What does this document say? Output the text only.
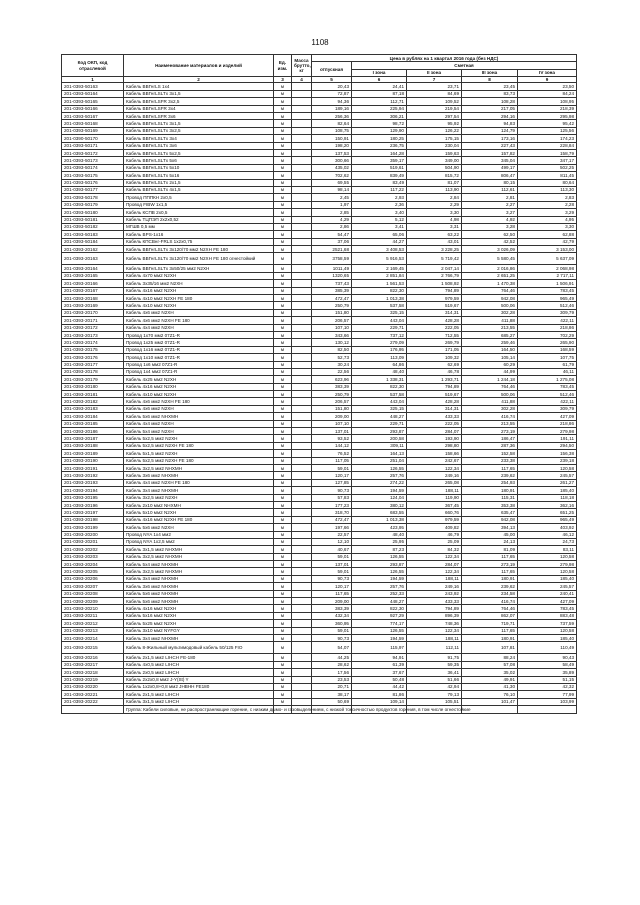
1108
Код ОКП, код отраслевой	Наименование материалов и изделий	Ед. изм.	Масса брутто, кг	Цена в рублях на 1 квартал 2016 года (без НДС)				
				отпускная	Сметная			
					I зона	II зона	III зона	IV зона
1	2	3	4	5	6	7	8	9
201-0393-50163	Кабель ВВГнгLS 1х4	м		20,43	24,41	23,71	23,45	23,50
201-0393-50164	Кабель ВВГнгLSLTx 3х1,5	м		72,87	87,18	84,69	83,73	84,24
201-0393-50165	Кабель ВВГнгLSFR 3х2,5	м		94,36	112,71	109,52	108,28	108,95
201-0393-50166	Кабель ВВГнгLSFR 3х4	м		189,16	225,94	219,54	217,05	218,39
201-0393-50167	Кабель ВВГнгLSFR 3х6	м		256,36	306,21	297,54	294,16	295,98
201-0393-50168	Кабель ВВГнгLSLTx 3х1,5	м		82,64	98,72	95,92	94,83	95,42
201-0393-50169	Кабель ВВГнгLSLTx 3х2,5	м		108,75	129,90	126,22	124,79	125,56
201-0390-50170	Кабель ВВГнгLSLTx 3х4	м		150,91	180,25	175,15	173,16	174,23
201-0393-50171	Кабель ВВГнгLSLTx 3х6	м		198,20	236,75	230,04	227,43	228,84
201-0393-50172	Кабель ВВГнгLSLTx 5х2,5	м		137,53	164,28	159,63	157,82	158,79
201-0393-50173	Кабель ВВГнгLSLTx 5х6	м		300,66	359,17	349,00	345,04	347,17
201-0393-50174	Кабель ВВГнгLSLTx 5х10	м		435,02	519,61	504,90	499,17	502,25
201-0393-50175	Кабель ВВГнгLSLTx 5х16	м		702,62	839,49	815,72	806,47	811,45
201-0393-50176	Кабель ВВГнгLSLTx 2х1,5	м		69,55	83,49	81,07	80,15	80,64
201-0393-50177	Кабель ВВГнгLSLTx 4х1,5	м		98,14	117,22	113,90	112,61	113,30
201-0393-50178	Провод ПППКН 2х0,5	м		2,45	2,93	2,84	2,81	2,83
201-0393-50179	Провод FIBW 1х1,5	м		1,97	2,36	2,29	2,27	2,28
201-0393-50180	Кабель КСПВ 2х0,5	м		2,85	3,40	3,30	3,27	3,29
201-0393-50181	Кабель ТЦПЭП 2х2х0,52	м		4,29	5,12	4,98	4,92	4,95
201-0393-50182	МГШВ 0,5 мм	м		2,86	3,41	3,31	3,28	3,30
201-0393-50183	Кабель BPS-1х16	м		54,47	65,06	63,22	62,50	62,88
201-0393-50184	Кабель КПСВнг-FRLS 1х2х0,75	м		37,06	44,27	43,01	42,52	42,79
201-0393-20162	Кабель ВВГнгLSLTx 3х120/70 мм2 N2XH FE 180	м		2521,68	3 408,53	3 228,25	3 026,09	3 153,00
201-0393-20163	Кабель ВВГнгLSLTx 3х120/70 мм2 N2XH FE 180 огнестойкий	м		3758,59	5 916,53	5 719,42	5 580,45	5 637,09
201-0393-20164	Кабель ВВГнгLSLTx 3х50/25 мм2 N2XH	м		1011,49	2 169,45	2 047,14	2 016,86	2 068,98
201-0393-20165	Кабель 4х70 мм2 N2XH	м		1320,65	2 851,84	2 766,79	2 651,25	2 717,11
201-0393-20166	Кабель 3х35/16 мм2 N2XH	м		737,43	1 561,53	1 508,92	1 470,38	1 506,91
201-0393-20167	Кабель 4х16 мм2 N2XH	м		385,39	822,30	794,89	764,46	783,45
201-0393-20168	Кабель 4х10 мм2 N2XH FE 180	м		472,47	1 013,38	979,59	942,08	965,49
201-0393-20169	Кабель 4х10 мм2 N2XH	м		250,79	537,58	519,67	500,06	512,46
201-0393-20170	Кабель 4х6 мм2 N2XH	м		151,80	325,15	314,31	302,28	309,79
201-0393-20171	Кабель 4х6 мм2 N2XH FE 180	м		206,57	443,04	428,28	411,88	422,11
201-0393-20172	Кабель 4х4 мм2 N2XH	м		107,10	229,71	222,05	213,55	218,86
201-0393-20173	Провод 1х70 мм2 07Z1-R	м		343,66	737,12	712,55	685,27	702,29
201-0393-20174	Провод 1х25 мм2 07Z1-R	м		130,12	279,09	269,79	259,46	265,90
201-0393-20175	Провод 1х16 мм2 07Z1-R	м		82,50	176,95	171,05	164,50	168,59
201-0393-20176	Провод 1х10 мм2 07Z1-R	м		52,73	113,09	109,32	105,14	107,75
201-0393-20177	Провод 1х6 мм2 07Z1-R	м		30,24	64,86	62,69	60,29	61,79
201-0393-20178	Провод 1х4 мм2 07Z1-R	м		22,56	48,40	46,78	44,99	46,11
201-0393-20179	Кабель 4х25 мм2 N2XH	м		623,96	1 338,31	1 293,71	1 244,18	1 275,08
201-0393-20180	Кабель 4х16 мм2 N2XH	м		383,39	822,30	794,89	764,46	783,45
201-0393-20181	Кабель 4х10 мм2 N2XH	м		250,79	537,58	519,67	500,06	512,46
201-0393-20182	Кабель 4х6 мм2 N2XH FE 180	м		206,57	443,04	428,28	411,88	422,11
201-0393-20183	Кабель 4х6 мм2 N2XH	м		151,80	325,15	314,31	302,28	309,79
201-0393-20184	Кабель 5х6 мм2 NHXMH	м		209,00	448,27	433,33	416,74	427,09
201-0393-20185	Кабель 4х4 мм2 N2XH	м		107,10	229,71	222,05	213,55	218,86
201-0393-20186	Кабель 5х4 мм2 N2XH	м		137,01	293,87	284,07	273,19	279,98
201-0393-20187	Кабель 5х2,5 мм2 N2XH	м		93,52	200,58	193,90	186,47	191,11
201-0393-20188	Кабель 5х2,5 мм2 N2XH FE 180	м		144,12	309,11	298,80	287,36	294,50
201-0393-20189	Кабель 5х1,5 мм2 N2XH	м		76,52	164,13	158,66	152,58	156,38
201-0393-20190	Кабель 5х2,5 мм2 N2XH FE 180	м		117,05	251,04	242,67	233,38	239,18
201-0393-20191	Кабель 3х2,5 мм2 NHXMH	м		59,01	126,55	122,34	117,65	120,58
201-0393-20192	Кабель 3х6 мм2 NHXMH	м		120,17	257,76	249,16	239,62	245,57
201-0393-20193	Кабель 4х4 мм2 N2XH FE 180	м		127,85	274,22	265,08	254,93	261,27
201-0393-20194	Кабель 3х4 мм2 NHXMH	м		90,73	194,59	188,11	180,91	185,40
201-0393-20195	Кабель 3х2,5 мм2 N2XH	м		57,83	124,04	119,90	115,31	118,18
201-0393-20196	Кабель 2х10 мм2 NHXMH	м		177,23	380,12	367,45	353,38	362,16
201-0393-20197	Кабель 5х10 мм2 N2XH	м		318,70	683,55	660,76	635,47	651,25
201-0393-20198	Кабель 4х16 мм2 N2XH FE 180	м		472,47	1 013,38	979,59	942,08	965,49
201-0393-20199	Кабель 5х6 мм2 N2XH	м		197,66	423,95	409,82	394,13	403,92
201-0393-20200	Провод NYA 1х4 мм2	м		22,57	48,40	46,79	45,00	46,12
201-0393-20201	Провод NYA 1х2,5 мм2	м		12,10	25,95	25,09	24,13	24,73
201-0393-20202	Кабель 3х1,5 мм2 NHXMH	м		40,67	87,23	84,32	81,09	83,11
201-0393-20203	Кабель 3х2,5 мм2 NHXMH	м		59,01	126,55	122,34	117,65	120,58
201-0393-20204	Кабель 5х4 мм2 NHXMH	м		137,01	293,87	284,07	273,19	279,98
201-0393-20205	Кабель 3х2,5 мм2 NHXMH	м		59,01	126,55	122,34	117,65	120,58
201-0393-20206	Кабель 3х4 мм2 NHXMH	м		90,73	194,59	188,11	180,91	185,40
201-0393-20207	Кабель 3х6 мм2 NHXMH	м		120,17	257,76	249,16	239,62	245,57
201-0393-20208	Кабель 5х6 мм2 NHXMH	м		117,65	252,33	243,92	234,58	240,41
201-0393-20209	Кабель 5х6 мм2 NHXMH	м		209,00	448,27	433,33	416,74	427,09
201-0393-20210	Кабель 4х16 мм2 N2XH	м		383,39	822,30	794,89	764,46	783,45
201-0393-20211	Кабель 5х16 мм2 N2XH	м		432,34	927,29	896,39	862,07	883,48
201-0393-20212	Кабель 5х25 мм2 N2XH	м		360,95	774,17	748,36	719,71	737,59
201-0393-20213	Кабель 3х10 мм2 NYFGY	м		59,01	126,55	122,34	117,65	120,58
201-0393-20214	Кабель 3х4 мм2 NHXMH	м		90,73	194,59	188,11	180,91	185,40
201-0393-20215	Кабель 8-Жильный мультимодовый кабель 50/125 FIO	м		54,07	115,97	112,11	107,81	110,49
201-0393-20216	Кабель 2х1,5 мм2 LIHCH FE-180	м		44,25	94,91	91,75	88,24	90,43
201-0393-20217	Кабель 4х0,5 мм2 LIHCH	м		28,62	61,39	59,35	57,08	58,49
201-0393-20218	Кабель 2х0,5 мм2 LIHCH	м		17,56	37,67	36,41	35,02	35,89
201-0393-20219	Кабель 2х2х0,8 мм2 J-Y(St) Y	м		23,53	50,48	51,66	49,91	51,15
201-0393-20220	Кабель 1х2х0,8+0,8 мм2 JHBHH FE180	м		20,71	44,42	42,94	41,30	42,32
201-0393-20221	Кабель 2х1,5 мм2 LIHCH	м		38,17	81,86	79,13	76,10	77,99
201-0393-20222	Кабель 3х1,5 мм2 LIHCH	м		50,69	109,14	105,51	101,47	103,99
	Группа: Кабели силовые, не распространяющие горение, с низким дымо- и газовыделением, с низкой токсичностью продуктов горения, в том числе огнестойкие							
